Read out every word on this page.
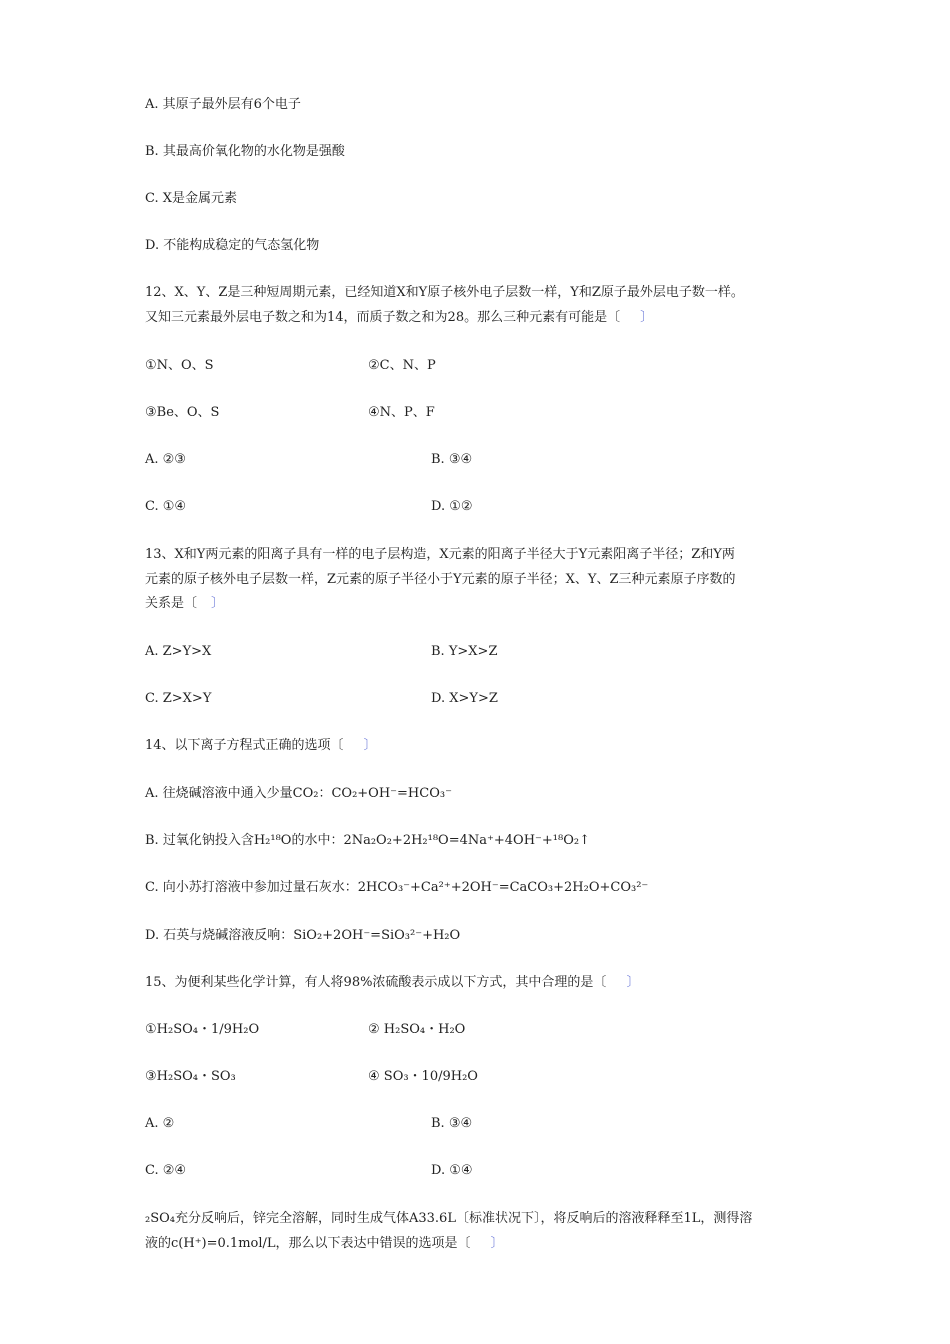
A. 其原子最外层有6个电子
B. 其最高价氧化物的水化物是强酸
C. X是金属元素
D. 不能构成稳定的气态氢化物
12、X、Y、Z是三种短周期元素，已经知道X和Y原子核外电子层数一样，Y和Z原子最外层电子数一样。
又知三元素最外层电子数之和为14，而质子数之和为28。那么三种元素有可能是〔 〕
①N、O、S	②C、N、P
③Be、O、S	④N、P、F
A. ②③	B. ③④
C. ①④	D. ①②
13、X和Y两元素的阳离子具有一样的电子层构造，X元素的阳离子半径大于Y元素阳离子半径；Z和Y两
元素的原子核外电子层数一样，Z元素的原子半径小于Y元素的原子半径；X、Y、Z三种元素原子序数的
关系是〔 〕
A. Z>Y>X	B. Y>X>Z
C. Z>X>Y	D. X>Y>Z
14、以下离子方程式正确的选项〔 〕
A. 往烧碱溶液中通入少量CO₂：CO₂+OH⁻=HCO₃⁻
B. 过氧化钠投入含H₂¹⁸O的水中：2Na₂O₂+2H₂¹⁸O=4Na⁺+4OH⁻+¹⁸O₂↑
C. 向小苏打溶液中参加过量石灰水：2HCO₃⁻+Ca²⁺+2OH⁻=CaCO₃+2H₂O+CO₃²⁻
D. 石英与烧碱溶液反响：SiO₂+2OH⁻=SiO₃²⁻+H₂O
15、为便利某些化学计算，有人将98%浓硫酸表示成以下方式，其中合理的是〔 〕
①H₂SO₄・1/9H₂O	② H₂SO₄・H₂O
③H₂SO₄・SO₃	④ SO₃・10/9H₂O
A. ②	B. ③④
C. ②④	D. ①④
₂SO₄充分反响后，锌完全溶解，同时生成气体A33.6L〔标准状况下〕，将反响后的溶液释释至1L，测得溶
液的c(H⁺)=0.1mol/L，那么以下表达中错误的选项是〔 〕
